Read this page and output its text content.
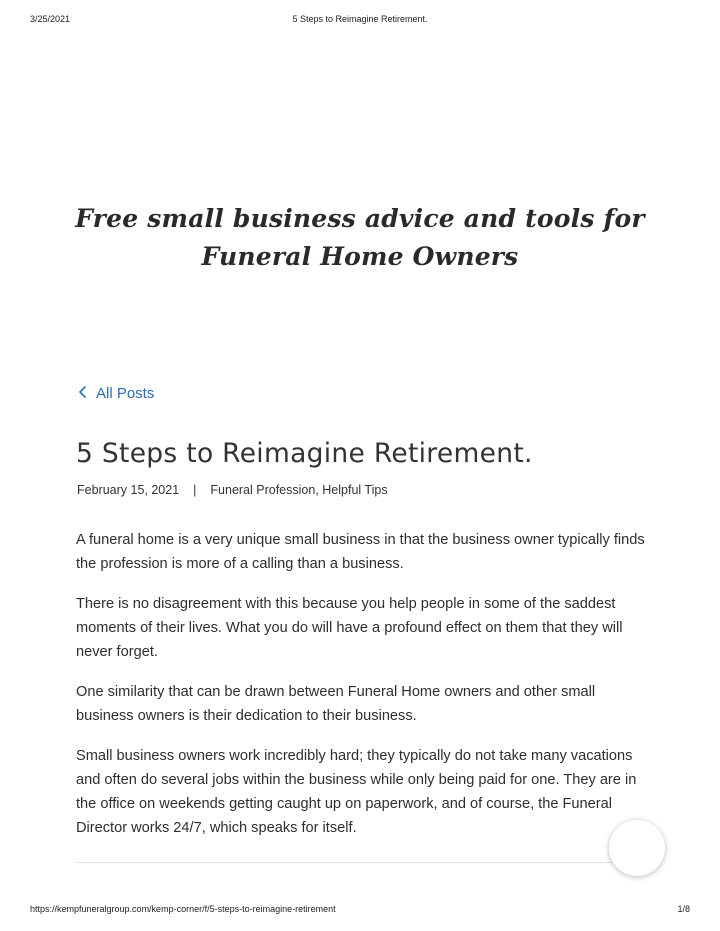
3/25/2021	5 Steps to Reimagine Retirement.
Free small business advice and tools for Funeral Home Owners
All Posts
5 Steps to Reimagine Retirement.
February 15, 2021 | Funeral Profession, Helpful Tips

A funeral home is a very unique small business in that the business owner typically finds the profession is more of a calling than a business.

There is no disagreement with this because you help people in some of the saddest moments of their lives. What you do will have a profound effect on them that they will never forget.

One similarity that can be drawn between Funeral Home owners and other small business owners is their dedication to their business.

Small business owners work incredibly hard; they typically do not take many vacations and often do several jobs within the business while only being paid for one. They are in the office on weekends getting caught up on paperwork, and of course, the Funeral Director works 24/7, which speaks for itself.

https://kempfuneralgroup.com/kemp-corner/f/5-steps-to-reimagine-retirement	1/8
